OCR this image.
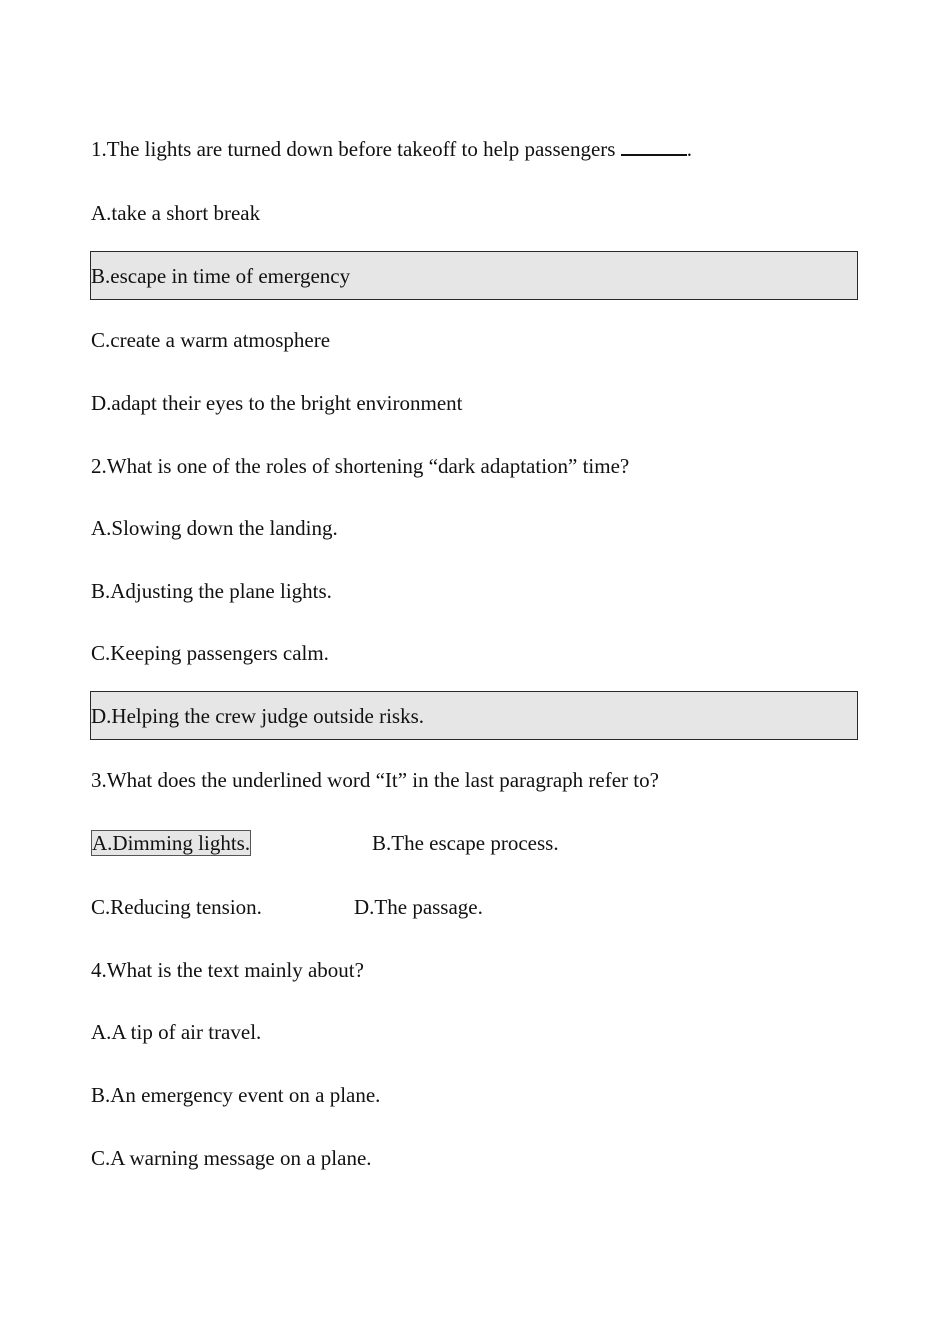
1.The lights are turned down before takeoff to help passengers	.
A.take a short break
B.escape in time of emergency
C.create a warm atmosphere
D.adapt their eyes to the bright environment
2.What is one of the roles of shortening “dark adaptation” time?
A.Slowing down the landing.
B.Adjusting the plane lights.
C.Keeping passengers calm.
D.Helping the crew judge outside risks.
3.What does the underlined word “It” in the last paragraph refer to?
A.Dimming lights.	B.The escape process.
C.Reducing tension.	D.The passage.
4.What is the text mainly about?
A.A tip of air travel.
B.An emergency event on a plane.
C.A warning message on a plane.
